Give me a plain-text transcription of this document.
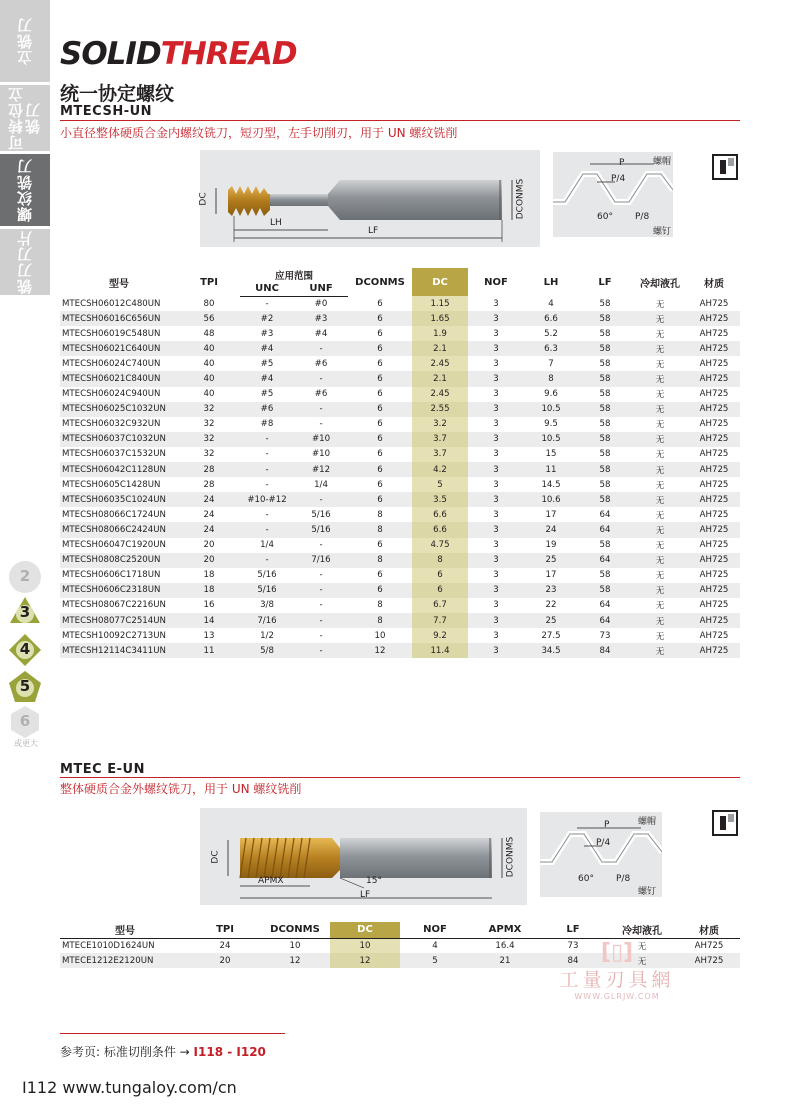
立铣刀
可转位立铣刀
螺纹铣刀
铣刀刀片
2
3
4
5
6
或更大
SOLIDTHREAD
统一协定螺纹
MTECSH-UN
小直径整体硬质合金内螺纹铣刀，短刃型，左手切削刃，用于 UN 螺纹铣削
DC
LH
LF
DCONMS
P
P/4
60° P/8
螺帽
螺钉
型号	TPI	应用范围		DCONMS	DC	NOF	LH	LF	冷却液孔	材质
		UNC	UNF							
MTECSH06012C480UN	80	-	#0	6	1.15	3	4	58	无	AH725
MTECSH06016C656UN	56	#2	#3	6	1.65	3	6.6	58	无	AH725
MTECSH06019C548UN	48	#3	#4	6	1.9	3	5.2	58	无	AH725
MTECSH06021C640UN	40	#4	-	6	2.1	3	6.3	58	无	AH725
MTECSH06024C740UN	40	#5	#6	6	2.45	3	7	58	无	AH725
MTECSH06021C840UN	40	#4	-	6	2.1	3	8	58	无	AH725
MTECSH06024C940UN	40	#5	#6	6	2.45	3	9.6	58	无	AH725
MTECSH06025C1032UN	32	#6	-	6	2.55	3	10.5	58	无	AH725
MTECSH06032C932UN	32	#8	-	6	3.2	3	9.5	58	无	AH725
MTECSH06037C1032UN	32	-	#10	6	3.7	3	10.5	58	无	AH725
MTECSH06037C1532UN	32	-	#10	6	3.7	3	15	58	无	AH725
MTECSH06042C1128UN	28	-	#12	6	4.2	3	11	58	无	AH725
MTECSH0605C1428UN	28	-	1/4	6	5	3	14.5	58	无	AH725
MTECSH06035C1024UN	24	#10-#12	-	6	3.5	3	10.6	58	无	AH725
MTECSH08066C1724UN	24	-	5/16	8	6.6	3	17	64	无	AH725
MTECSH08066C2424UN	24	-	5/16	8	6.6	3	24	64	无	AH725
MTECSH06047C1920UN	20	1/4	-	6	4.75	3	19	58	无	AH725
MTECSH0808C2520UN	20	-	7/16	8	8	3	25	64	无	AH725
MTECSH0606C1718UN	18	5/16	-	6	6	3	17	58	无	AH725
MTECSH0606C2318UN	18	5/16	-	6	6	3	23	58	无	AH725
MTECSH08067C2216UN	16	3/8	-	8	6.7	3	22	64	无	AH725
MTECSH08077C2514UN	14	7/16	-	8	7.7	3	25	64	无	AH725
MTECSH10092C2713UN	13	1/2	-	10	9.2	3	27.5	73	无	AH725
MTECSH12114C3411UN	11	5/8	-	12	11.4	3	34.5	84	无	AH725
MTEC E-UN
整体硬质合金外螺纹铣刀，用于 UN 螺纹铣削
DC
APMX	15°
LF
DCONMS
P
P/4
60° P/8
螺帽
螺钉
型号	TPI	DCONMS	DC	NOF	APMX	LF	冷却液孔	材质
MTECE1010D1624UN	24	10	10	4	16.4	73	无	AH725
MTECE1212E2120UN	20	12	12	5	21	84	无	AH725
[▯]
工量刃具網
WWW.GLRJW.COM
参考页: 标准切削条件 → I118 - I120
I112 www.tungaloy.com/cn
